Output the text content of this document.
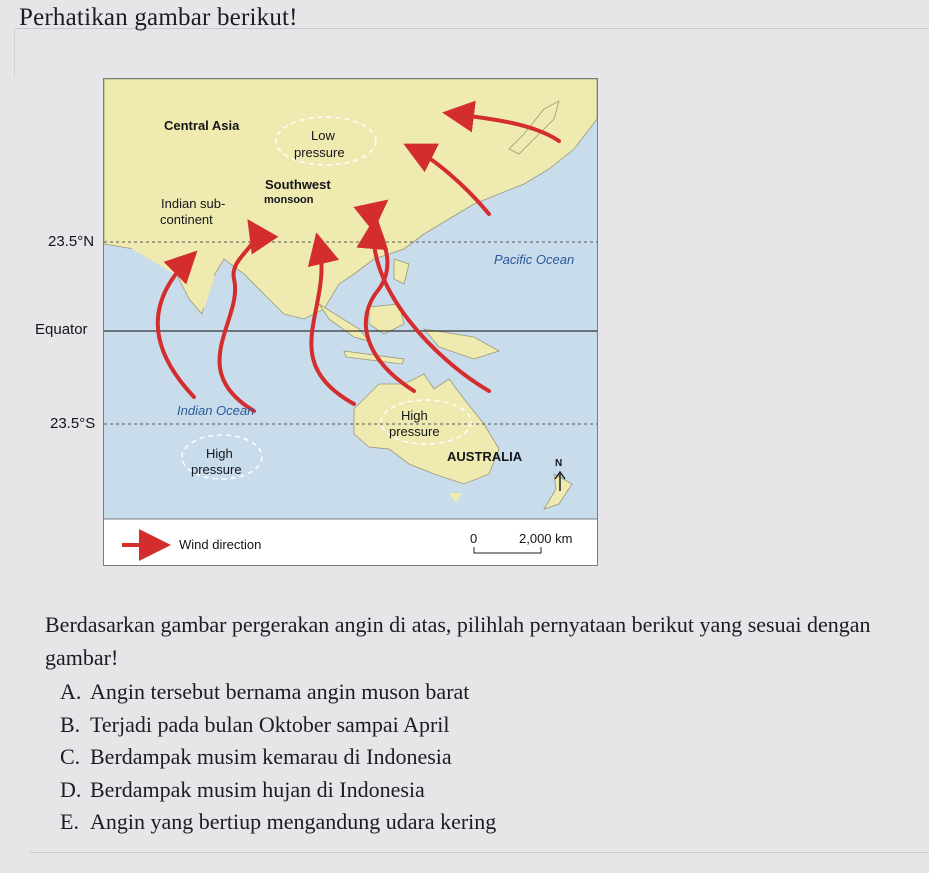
Perhatikan gambar berikut!
23.5°N
Equator
23.5°S
Central Asia
Low
pressure
Southwest
monsoon
Indian sub-
continent
Pacific Ocean
Indian Ocean	High
pressure
High
pressure
AUSTRALIA	N
Wind direction	0	2,000 km
Berdasarkan gambar pergerakan angin di atas, pilihlah pernyataan berikut yang sesuai dengan gambar!
A. Angin tersebut bernama angin muson barat
B. Terjadi pada bulan Oktober sampai April
C. Berdampak musim kemarau di Indonesia
D. Berdampak musim hujan di Indonesia
E. Angin yang bertiup mengandung udara kering
